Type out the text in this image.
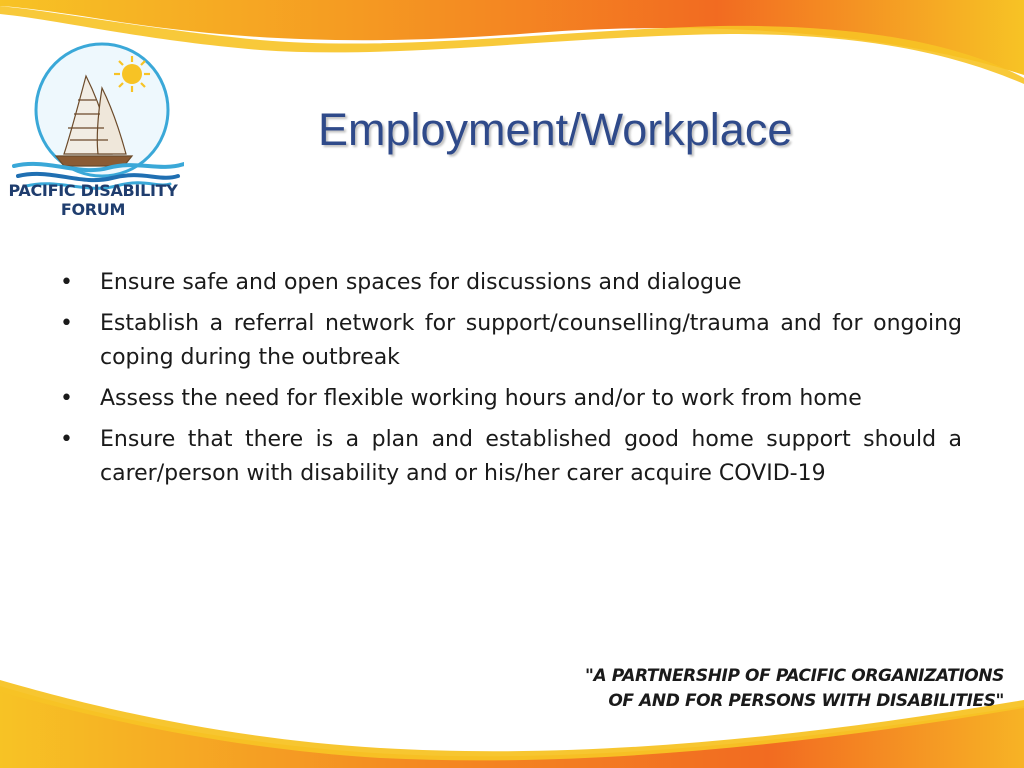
PACIFIC DISABILITY
FORUM
Employment/Workplace
• Ensure safe and open spaces for discussions and dialogue
• Establish a referral network for support/counselling/trauma and for ongoing coping during the outbreak
• Assess the need for flexible working hours and/or to work from home
• Ensure that there is a plan and established good home support should a carer/person with disability and or his/her carer acquire COVID-19
"A PARTNERSHIP OF PACIFIC ORGANIZATIONS
OF AND FOR PERSONS WITH DISABILITIES"
